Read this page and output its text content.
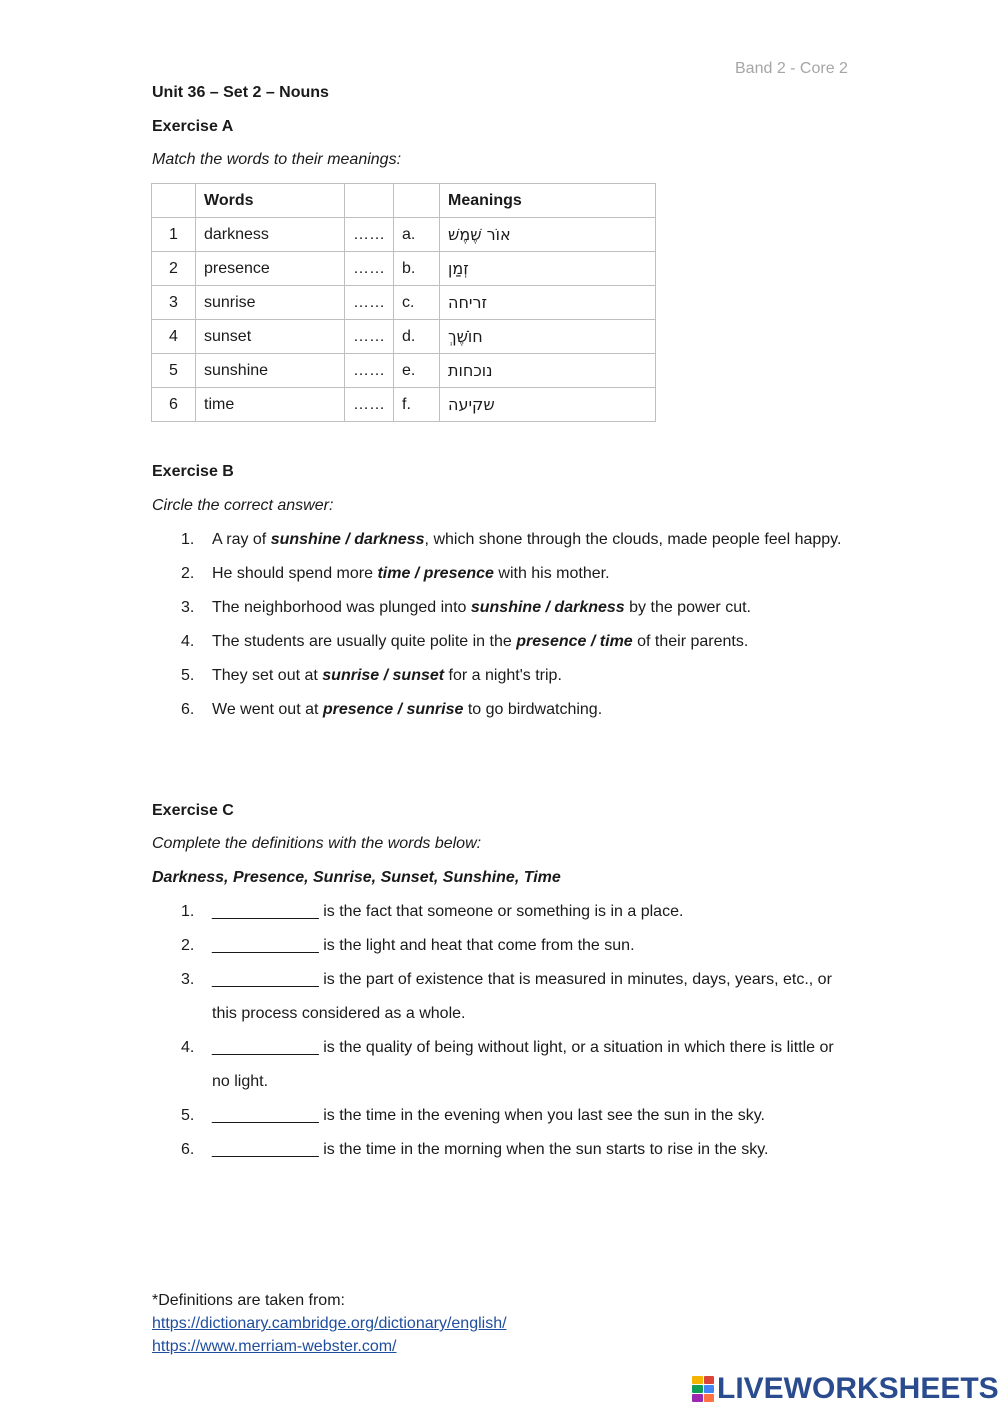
Band 2 - Core 2
Unit 36 – Set 2 – Nouns
Exercise A
Match the words to their meanings:
	Words			Meanings
1	darkness	……	a.	אוֹר שֶׁמֶשׁ
2	presence	……	b.	זְמַן
3	sunrise	……	c.	זריחה
4	sunset	……	d.	חוֹשֶׁךְ
5	sunshine	……	e.	נוכחות
6	time	……	f.	שקיעה
Exercise B
Circle the correct answer:
1. A ray of sunshine / darkness, which shone through the clouds, made people feel happy.
2. He should spend more time / presence with his mother.
3. The neighborhood was plunged into sunshine / darkness by the power cut.
4. The students are usually quite polite in the presence / time of their parents.
5. They set out at sunrise / sunset for a night's trip.
6. We went out at presence / sunrise to go birdwatching.
Exercise C
Complete the definitions with the words below:
Darkness, Presence, Sunrise, Sunset, Sunshine, Time
1. ____________ is the fact that someone or something is in a place.
2. ____________ is the light and heat that come from the sun.
3. ____________ is the part of existence that is measured in minutes, days, years, etc., or this process considered as a whole.
4. ____________ is the quality of being without light, or a situation in which there is little or no light.
5. ____________ is the time in the evening when you last see the sun in the sky.
6. ____________ is the time in the morning when the sun starts to rise in the sky.
*Definitions are taken from:
https://dictionary.cambridge.org/dictionary/english/
https://www.merriam-webster.com/
LIVEWORKSHEETS
